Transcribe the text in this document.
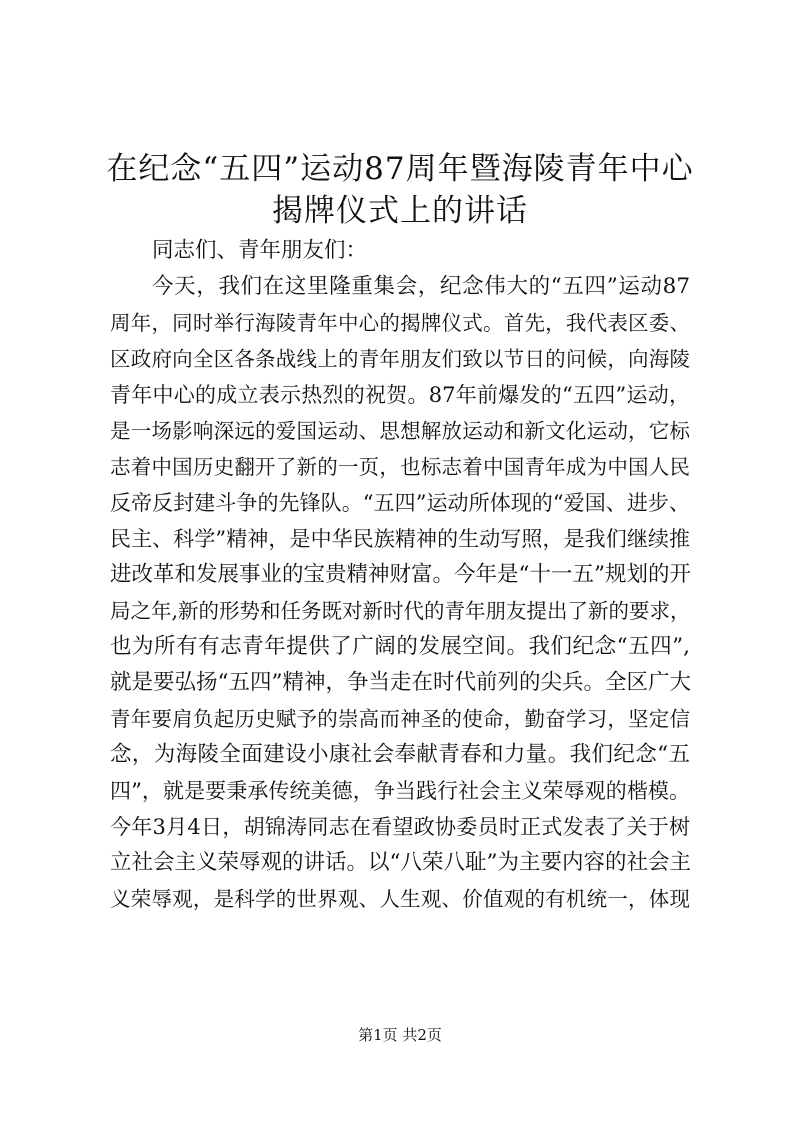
在纪念“五四”运动87周年暨海陵青年中心
揭牌仪式上的讲话

同志们、青年朋友们：

今天，我们在这里隆重集会，纪念伟大的“五四”运动87

周年，同时举行海陵青年中心的揭牌仪式。首先，我代表区委、

区政府向全区各条战线上的青年朋友们致以节日的问候，向海陵

青年中心的成立表示热烈的祝贺。87年前爆发的“五四”运动，

是一场影响深远的爱国运动、思想解放运动和新文化运动，它标

志着中国历史翻开了新的一页，也标志着中国青年成为中国人民

反帝反封建斗争的先锋队。“五四”运动所体现的“爱国、进步、

民主、科学”精神，是中华民族精神的生动写照，是我们继续推

进改革和发展事业的宝贵精神财富。今年是“十一五”规划的开

局之年,新的形势和任务既对新时代的青年朋友提出了新的要求，

也为所有有志青年提供了广阔的发展空间。我们纪念“五四”,

就是要弘扬“五四”精神，争当走在时代前列的尖兵。全区广大

青年要肩负起历史赋予的崇高而神圣的使命，勤奋学习，坚定信

念，为海陵全面建设小康社会奉献青春和力量。我们纪念“五

四”，就是要秉承传统美德，争当践行社会主义荣辱观的楷模。

今年3月4日，胡锦涛同志在看望政协委员时正式发表了关于树

立社会主义荣辱观的讲话。以“八荣八耻”为主要内容的社会主

义荣辱观，是科学的世界观、人生观、价值观的有机统一，体现

第1页 共2页
